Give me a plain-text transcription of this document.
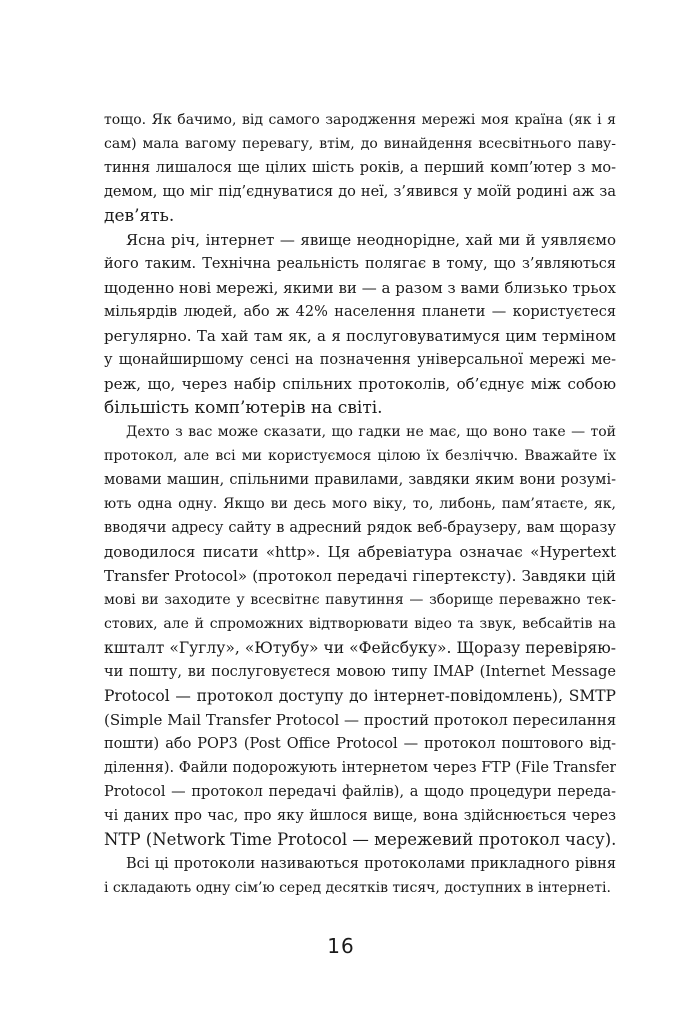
тощо. Як бачимо, від самого зародження мережі моя країна (як і я
сам) мала вагому перевагу, втім, до винайдення всесвітнього паву-
тиння лишалося ще цілих шість років, а перший комп’ютер з мо-
демом, що міг під’єднуватися до неї, з’явився у моїй родині аж за
дев’ять.
Ясна річ, інтернет — явище неоднорідне, хай ми й уявляємо
його таким. Технічна реальність полягає в тому, що з’являються
щоденно нові мережі, якими ви — а разом з вами близько трьох
мільярдів людей, або ж 42% населення планети — користуєтеся
регулярно. Та хай там як, а я послуговуватимуся цим терміном
у щонайширшому сенсі на позначення універсальної мережі ме-
реж, що, через набір спільних протоколів, об’єднує між собою
більшість комп’ютерів на світі.
Дехто з вас може сказати, що гадки не має, що воно таке — той
протокол, але всі ми користуємося цілою їх безліччю. Вважайте їх
мовами машин, спільними правилами, завдяки яким вони розумі-
ють одна одну. Якщо ви десь мого віку, то, либонь, пам’ятаєте, як,
вводячи адресу сайту в адресний рядок веб-браузеру, вам щоразу
доводилося писати «http». Ця абревіатура означає «Hypertext
Transfer Protocol» (протокол передачі гіпертексту). Завдяки цій
мові ви заходите у всесвітнє павутиння — зборище переважно тек-
стових, але й спроможних відтворювати відео та звук, вебсайтів на
кшталт «Гуглу», «Ютубу» чи «Фейсбуку». Щоразу перевіряю-
чи пошту, ви послуговуєтеся мовою типу IMAP (Internet Message
Protocol — протокол доступу до інтернет-повідомлень), SMTP
(Simple Mail Transfer Protocol — простий протокол пересилання
пошти) або POP3 (Post Office Protocol — протокол поштового від-
ділення). Файли подорожують інтернетом через FTP (File Transfer
Protocol — протокол передачі файлів), а щодо процедури переда-
чі даних про час, про яку йшлося вище, вона здійснюється через
NTP (Network Time Protocol — мережевий протокол часу).
Всі ці протоколи називаються протоколами прикладного рівня
і складають одну сім’ю серед десятків тисяч, доступних в інтернеті.
16
